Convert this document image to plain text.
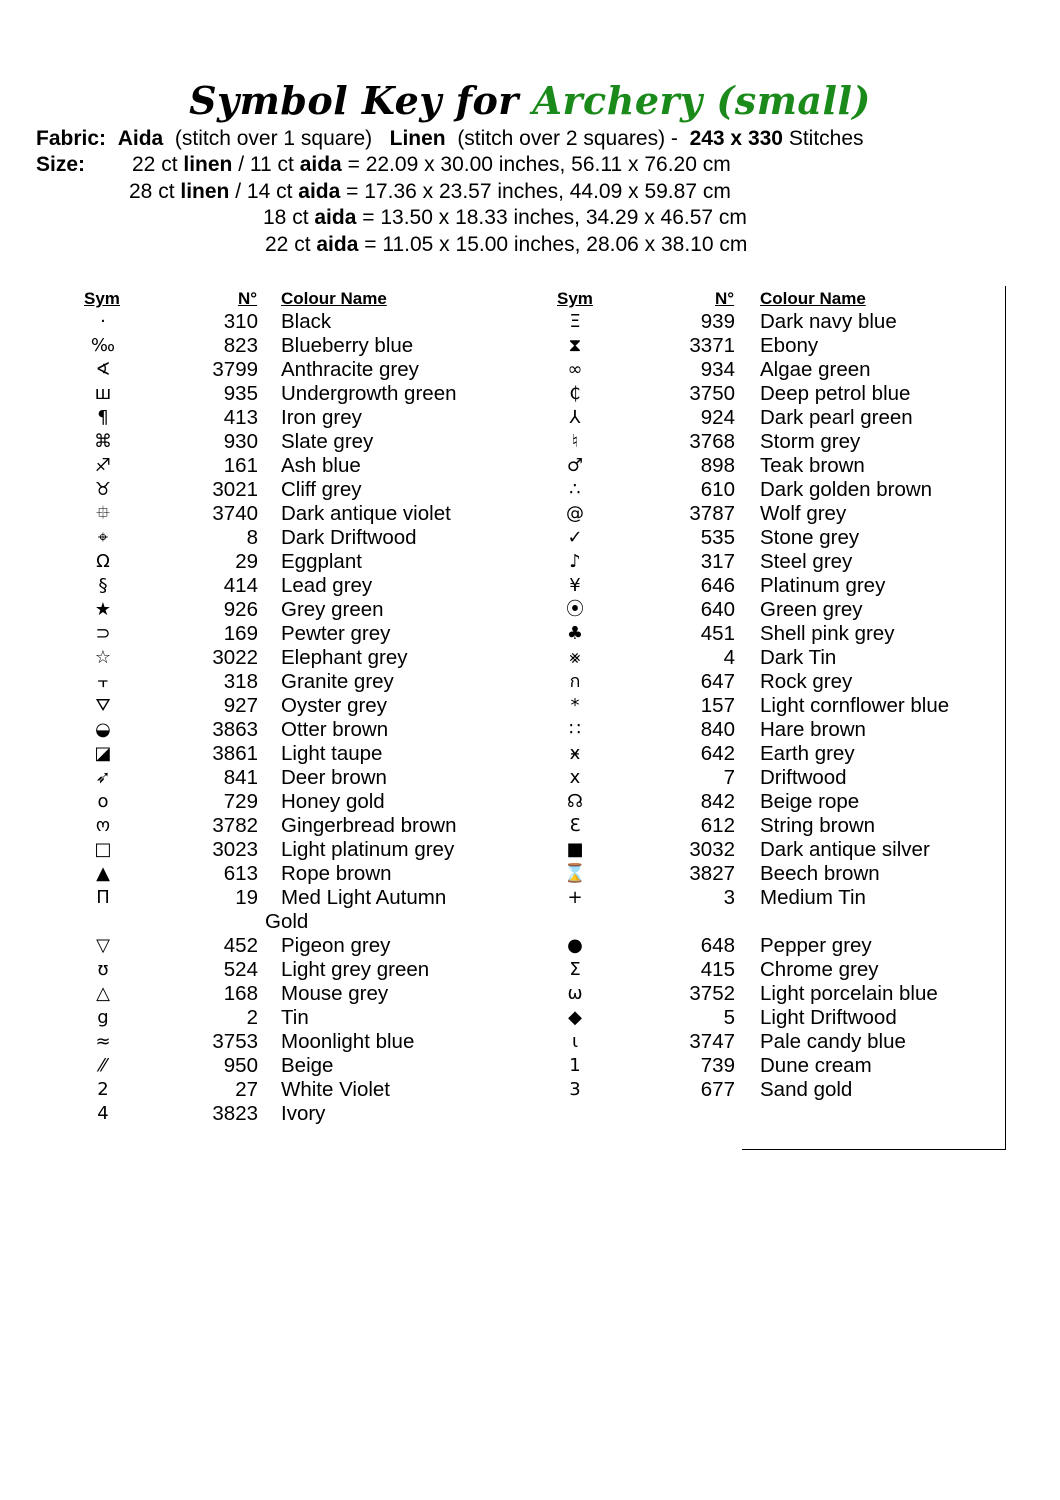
Symbol Key for Archery (small)
Fabric: Aida (stitch over 1 square) Linen (stitch over 2 squares) - 243 x 330 Stitches
Size: 22 ct linen / 11 ct aida = 22.09 x 30.00 inches, 56.11 x 76.20 cm
28 ct linen / 14 ct aida = 17.36 x 23.57 inches, 44.09 x 59.87 cm
18 ct aida = 13.50 x 18.33 inches, 34.29 x 46.57 cm
22 ct aida = 11.05 x 15.00 inches, 28.06 x 38.10 cm
Sym	N° Colour Name	Sym	N° Colour Name
·	310 Black
‰	823 Blueberry blue
∢	3799 Anthracite grey
ш	935 Undergrowth green
¶	413 Iron grey
⌘	930 Slate grey
♐	161 Ash blue
♉	3021 Cliff grey
⯐	3740 Dark antique violet
⌖	8 Dark Driftwood
Ω	29 Eggplant
§	414 Lead grey
★	926 Grey green
⊃	169 Pewter grey
☆	3022 Elephant grey
⫟	318 Granite grey
⛛	927 Oyster grey
◒	3863 Otter brown
◪	3861 Light taupe
➶	841 Deer brown
o	729 Honey gold
ო	3782 Gingerbread brown
□	3023 Light platinum grey
▲	613 Rope brown
Π	19 Med Light Autumn
Gold
▽	452 Pigeon grey
ʊ	524 Light grey green
△	168 Mouse grey
g	2 Tin
≈	3753 Moonlight blue
⁄⁄	950 Beige
2	27 White Violet
4	3823 Ivory
Ξ	939 Dark navy blue
⧗	3371 Ebony
∞	934 Algae green
₵	3750 Deep petrol blue
⅄	924 Dark pearl green
♮	3768 Storm grey
♂	898 Teak brown
∴	610 Dark golden brown
@	3787 Wolf grey
✓	535 Stone grey
♪	317 Steel grey
¥	646 Platinum grey
⦿	640 Green grey
♣	451 Shell pink grey
⨳	4 Dark Tin
ก	647 Rock grey
*	157 Light cornflower blue
∷	840 Hare brown
ӿ	642 Earth grey
x	7 Driftwood
☊	842 Beige rope
Ɛ	612 String brown
■	3032 Dark antique silver
⌛	3827 Beech brown
+	3 Medium Tin
●	648 Pepper grey
Σ	415 Chrome grey
ω	3752 Light porcelain blue
◆	5 Light Driftwood
ɩ	3747 Pale candy blue
1	739 Dune cream
3	677 Sand gold
